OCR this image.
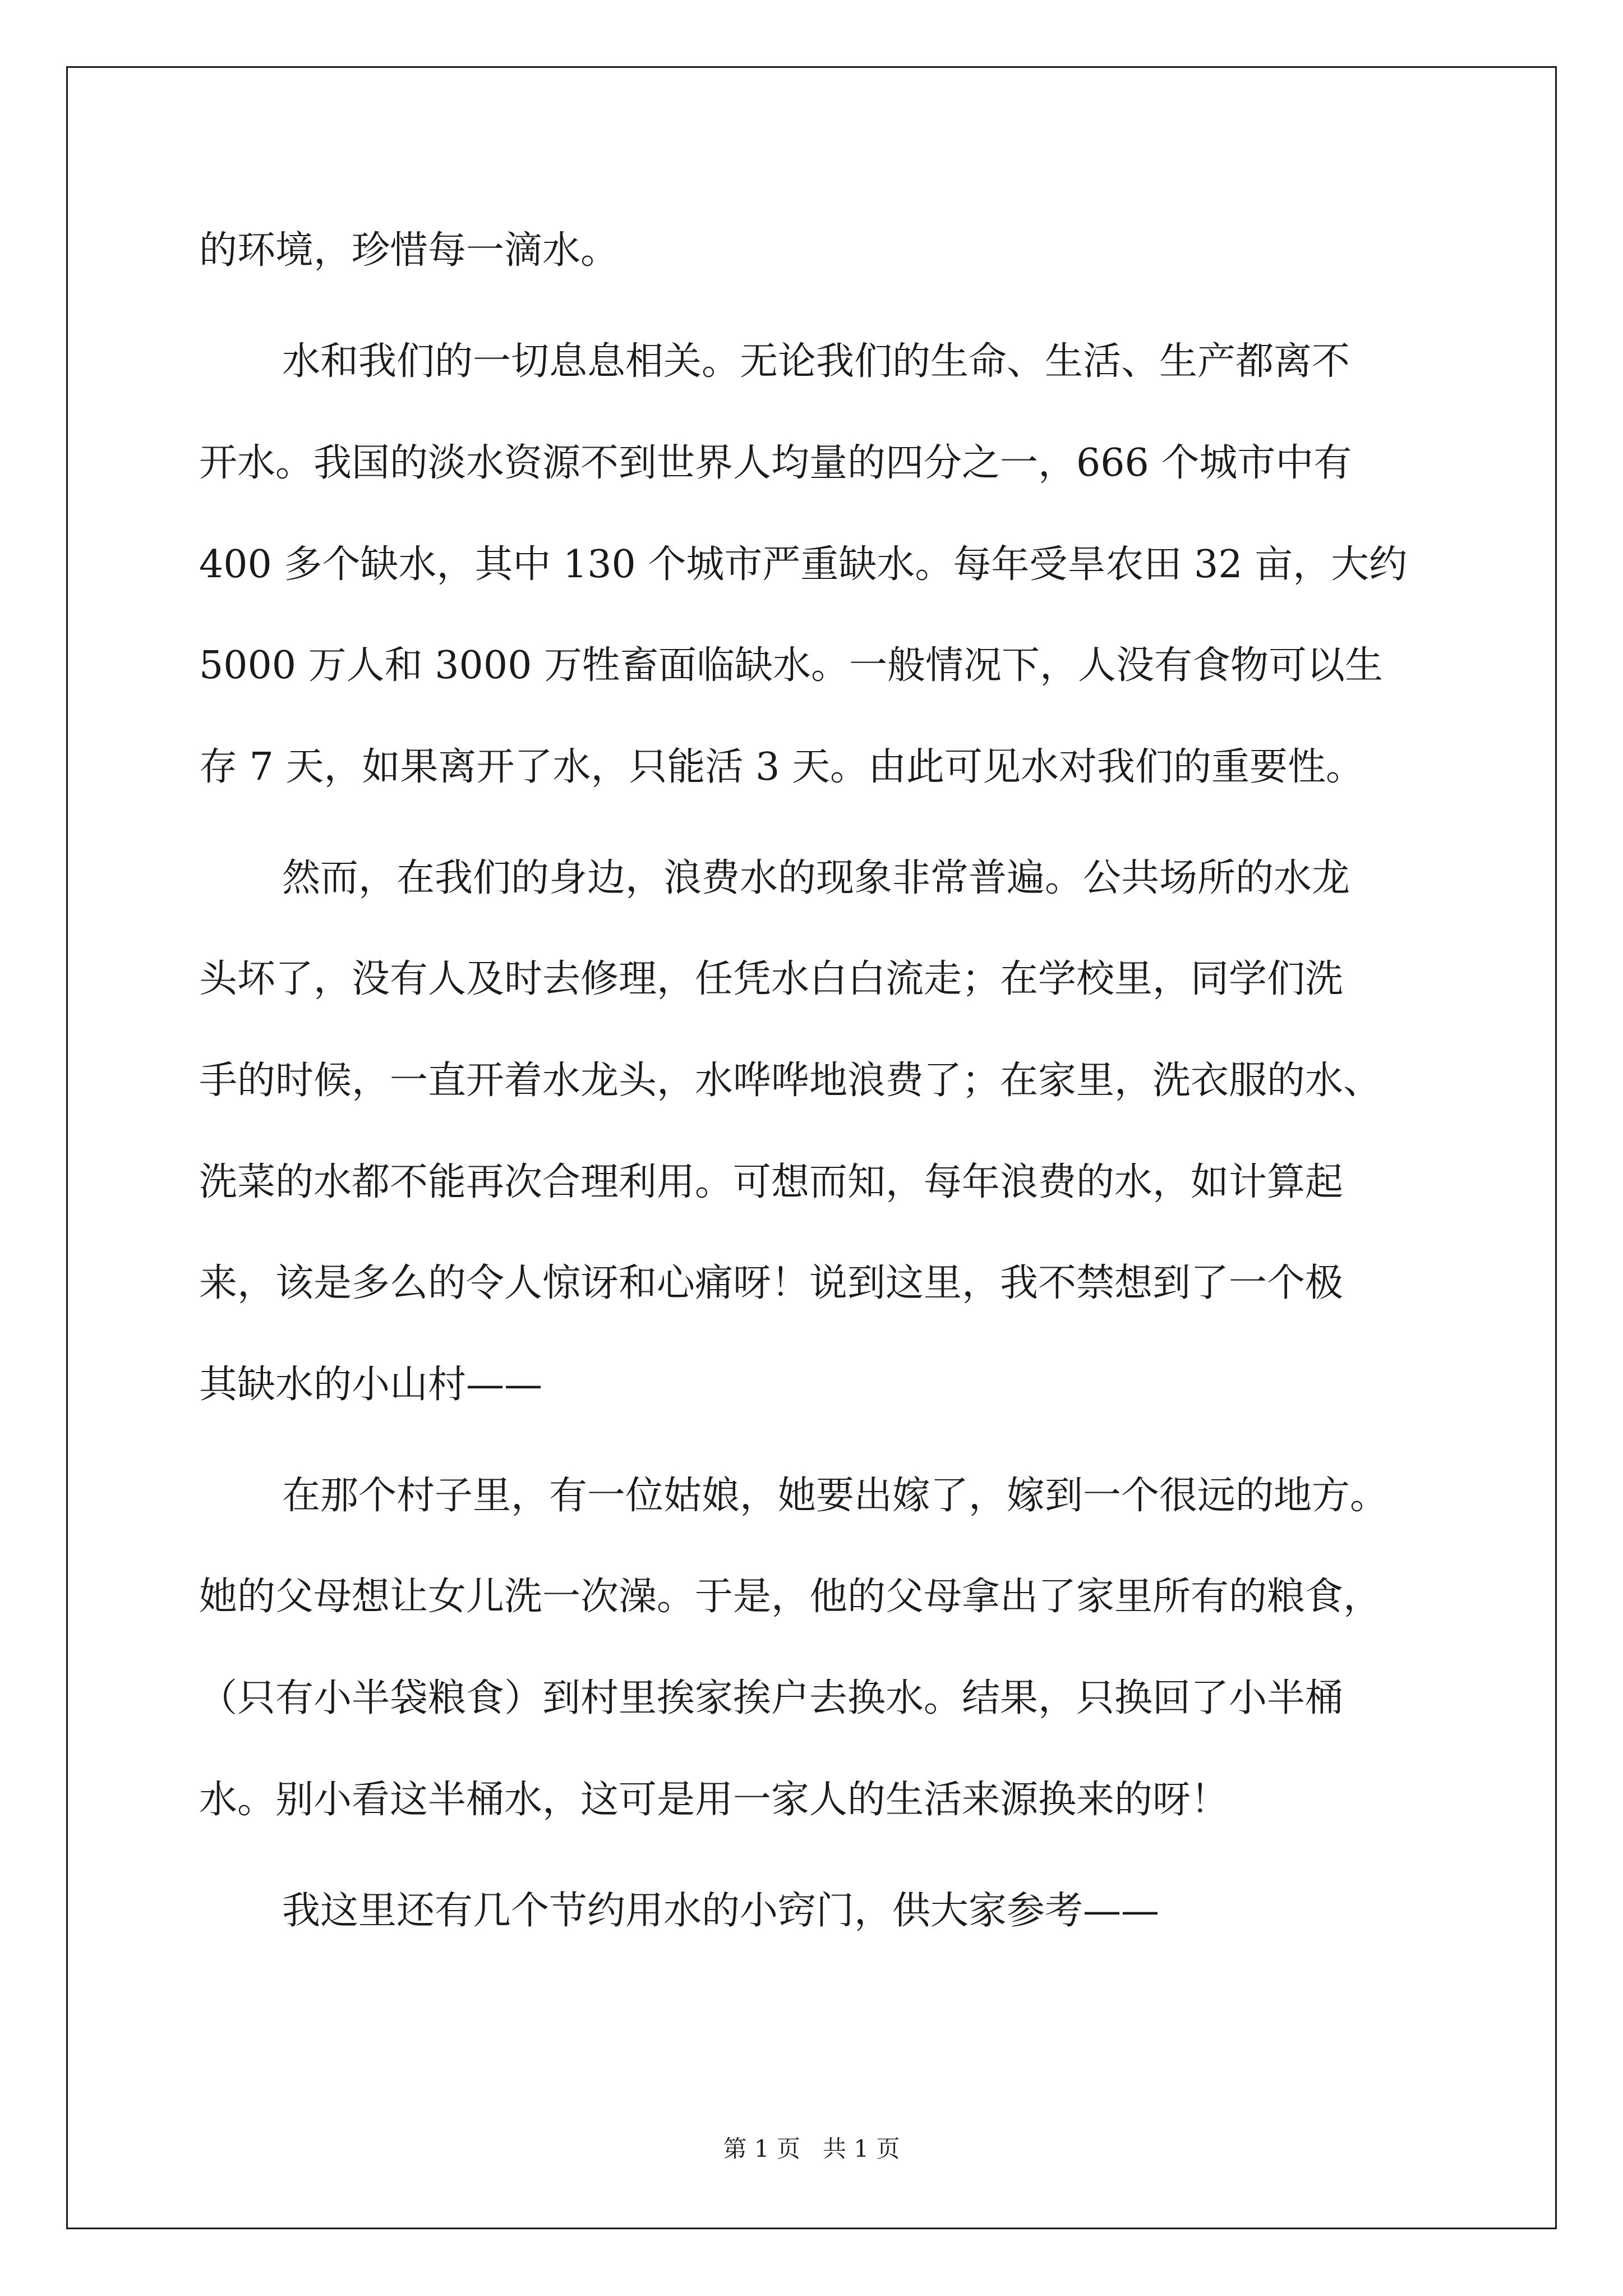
的环境，珍惜每一滴水。

水和我们的一切息息相关。无论我们的生命、生活、生产都离不

开水。我国的淡水资源不到世界人均量的四分之一，666 个城市中有

400 多个缺水，其中 130 个城市严重缺水。每年受旱农田 32 亩，大约

5000 万人和 3000 万牲畜面临缺水。一般情况下，人没有食物可以生

存 7 天，如果离开了水，只能活 3 天。由此可见水对我们的重要性。

然而，在我们的身边，浪费水的现象非常普遍。公共场所的水龙

头坏了，没有人及时去修理，任凭水白白流走；在学校里，同学们洗

手的时候，一直开着水龙头，水哗哗地浪费了；在家里，洗衣服的水、

洗菜的水都不能再次合理利用。可想而知，每年浪费的水，如计算起

来，该是多么的令人惊讶和心痛呀！说到这里，我不禁想到了一个极

其缺水的小山村——

在那个村子里，有一位姑娘，她要出嫁了，嫁到一个很远的地方。

她的父母想让女儿洗一次澡。于是，他的父母拿出了家里所有的粮食，

（只有小半袋粮食）到村里挨家挨户去换水。结果，只换回了小半桶

水。别小看这半桶水，这可是用一家人的生活来源换来的呀！

我这里还有几个节约用水的小窍门，供大家参考——

第 1 页   共 1 页
